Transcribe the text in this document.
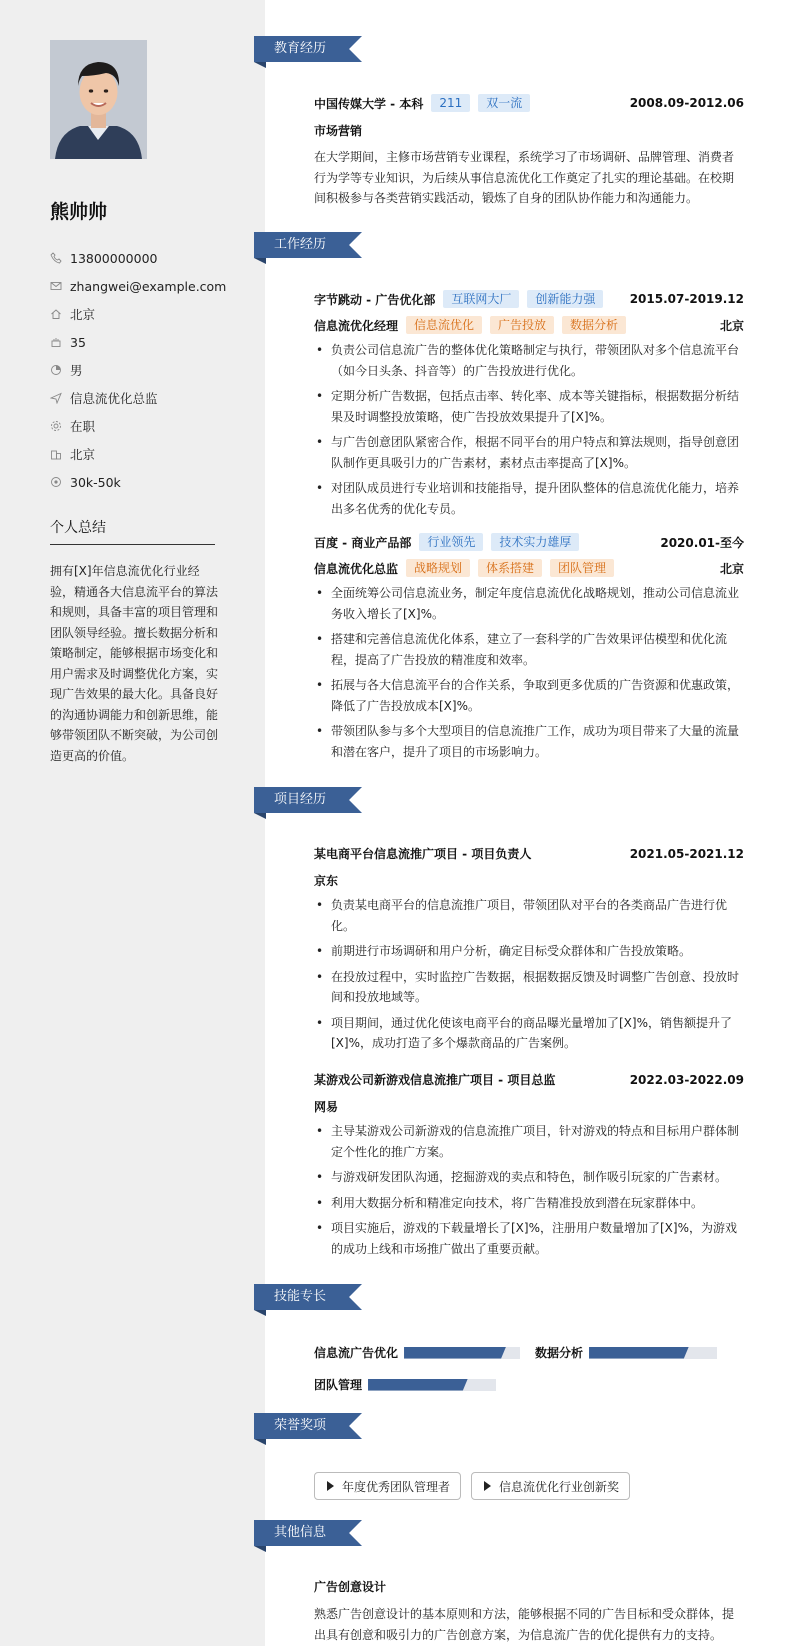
熊帅帅
13800000000
zhangwei@example.com
北京
35
男
信息流优化总监
在职
北京
30k-50k
个人总结
拥有[X]年信息流优化行业经验，精通各大信息流平台的算法和规则，具备丰富的项目管理和团队领导经验。擅长数据分析和策略制定，能够根据市场变化和用户需求及时调整优化方案，实现广告效果的最大化。具备良好的沟通协调能力和创新思维，能够带领团队不断突破，为公司创造更高的价值。
教育经历
中国传媒大学 - 本科	211	双一流	2008.09-2012.06
市场营销
在大学期间，主修市场营销专业课程，系统学习了市场调研、品牌管理、消费者行为学等专业知识，为后续从事信息流优化工作奠定了扎实的理论基础。在校期间积极参与各类营销实践活动，锻炼了自身的团队协作能力和沟通能力。
工作经历
字节跳动 - 广告优化部	互联网大厂	创新能力强	2015.07-2019.12
信息流优化经理	信息流优化	广告投放	数据分析	北京
• 负责公司信息流广告的整体优化策略制定与执行，带领团队对多个信息流平台（如今日头条、抖音等）的广告投放进行优化。
• 定期分析广告数据，包括点击率、转化率、成本等关键指标，根据数据分析结果及时调整投放策略，使广告投放效果提升了[X]%。
• 与广告创意团队紧密合作，根据不同平台的用户特点和算法规则，指导创意团队制作更具吸引力的广告素材，素材点击率提高了[X]%。
• 对团队成员进行专业培训和技能指导，提升团队整体的信息流优化能力，培养出多名优秀的优化专员。
百度 - 商业产品部	行业领先	技术实力雄厚	2020.01-至今
信息流优化总监	战略规划	体系搭建	团队管理	北京
• 全面统筹公司信息流业务，制定年度信息流优化战略规划，推动公司信息流业务收入增长了[X]%。
• 搭建和完善信息流优化体系，建立了一套科学的广告效果评估模型和优化流程，提高了广告投放的精准度和效率。
• 拓展与各大信息流平台的合作关系，争取到更多优质的广告资源和优惠政策，降低了广告投放成本[X]%。
• 带领团队参与多个大型项目的信息流推广工作，成功为项目带来了大量的流量和潜在客户，提升了项目的市场影响力。
项目经历
某电商平台信息流推广项目 - 项目负责人	2021.05-2021.12
京东
• 负责某电商平台的信息流推广项目，带领团队对平台的各类商品广告进行优化。
• 前期进行市场调研和用户分析，确定目标受众群体和广告投放策略。
• 在投放过程中，实时监控广告数据，根据数据反馈及时调整广告创意、投放时间和投放地域等。
• 项目期间，通过优化使该电商平台的商品曝光量增加了[X]%，销售额提升了[X]%，成功打造了多个爆款商品的广告案例。
某游戏公司新游戏信息流推广项目 - 项目总监	2022.03-2022.09
网易
• 主导某游戏公司新游戏的信息流推广项目，针对游戏的特点和目标用户群体制定个性化的推广方案。
• 与游戏研发团队沟通，挖掘游戏的卖点和特色，制作吸引玩家的广告素材。
• 利用大数据分析和精准定向技术，将广告精准投放到潜在玩家群体中。
• 项目实施后，游戏的下载量增长了[X]%，注册用户数量增加了[X]%，为游戏的成功上线和市场推广做出了重要贡献。
技能专长
信息流广告优化	数据分析
团队管理
荣誉奖项
年度优秀团队管理者	信息流优化行业创新奖
其他信息
广告创意设计
熟悉广告创意设计的基本原则和方法，能够根据不同的广告目标和受众群体，提出具有创意和吸引力的广告创意方案，为信息流广告的优化提供有力的支持。
